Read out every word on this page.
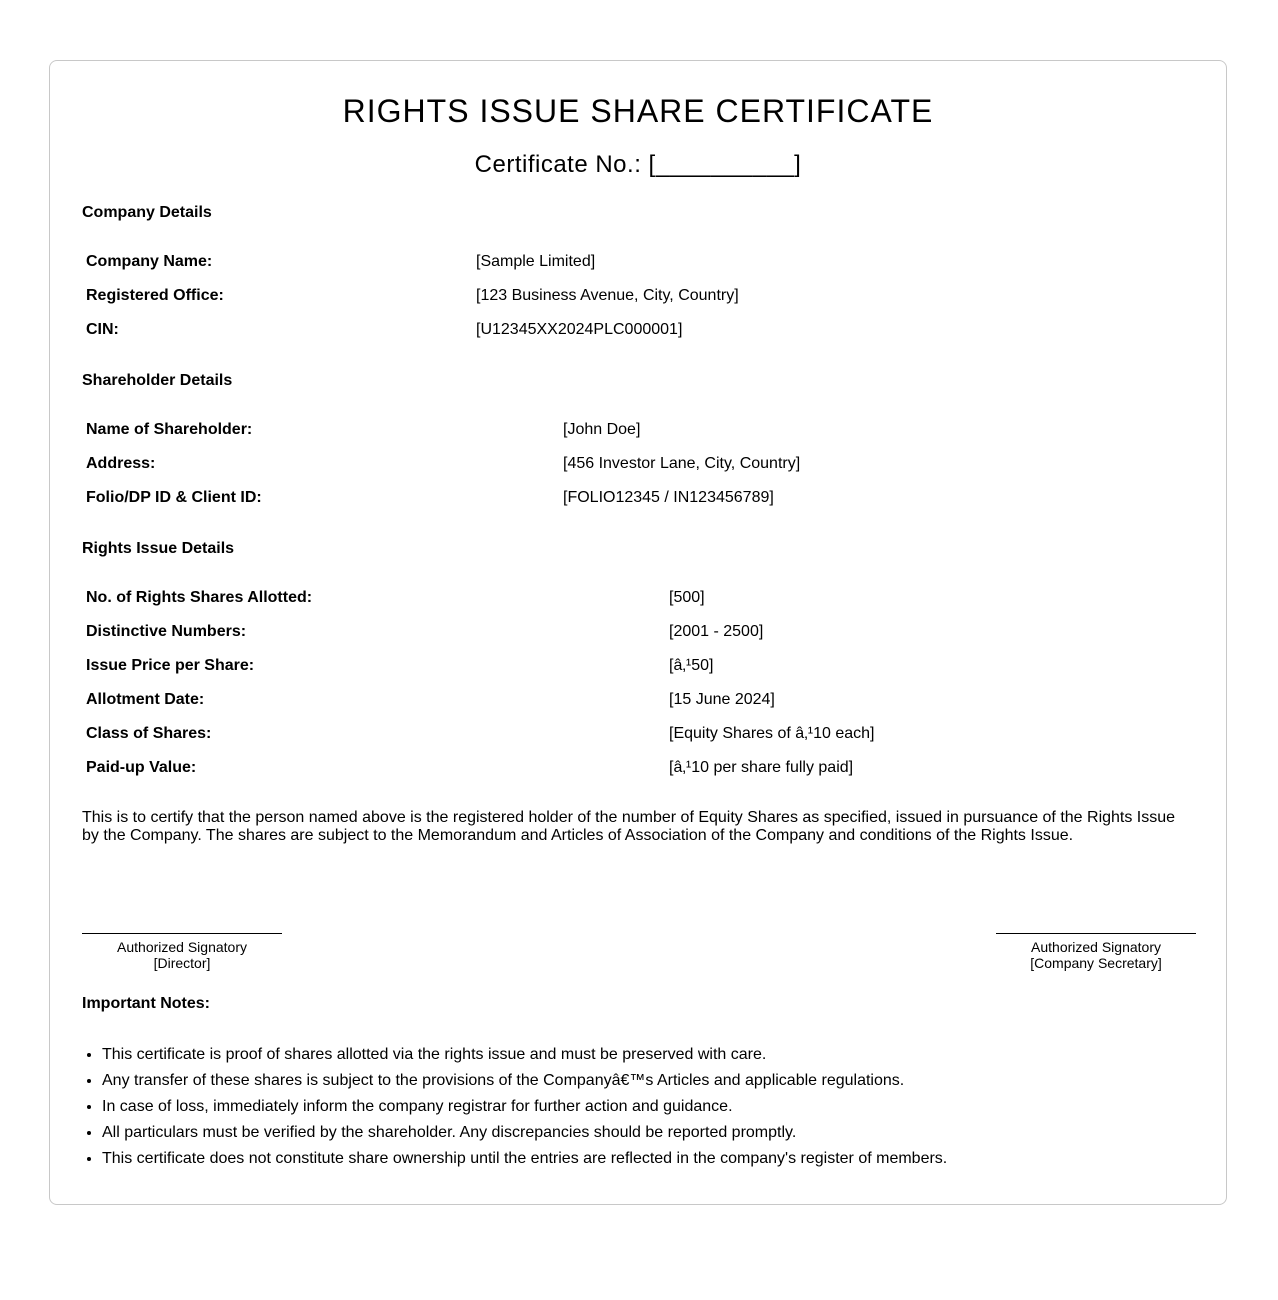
RIGHTS ISSUE SHARE CERTIFICATE
Certificate No.: [__________]
Company Details
Company Name:	[Sample Limited]
Registered Office:	[123 Business Avenue, City, Country]
CIN:	[U12345XX2024PLC000001]
Shareholder Details
Name of Shareholder:	[John Doe]
Address:	[456 Investor Lane, City, Country]
Folio/DP ID & Client ID:	[FOLIO12345 / IN123456789]
Rights Issue Details
No. of Rights Shares Allotted:	[500]
Distinctive Numbers:	[2001 - 2500]
Issue Price per Share:	[â‚¹50]
Allotment Date:	[15 June 2024]
Class of Shares:	[Equity Shares of â‚¹10 each]
Paid-up Value:	[â‚¹10 per share fully paid]

This is to certify that the person named above is the registered holder of the number of Equity Shares as specified, issued in pursuance of the Rights Issue by the Company. The shares are subject to the Memorandum and Articles of Association of the Company and conditions of the Rights Issue.

Authorized Signatory
[Director]
Authorized Signatory
[Company Secretary]
Important Notes:
• This certificate is proof of shares allotted via the rights issue and must be preserved with care.
• Any transfer of these shares is subject to the provisions of the Companyâ€™s Articles and applicable regulations.
• In case of loss, immediately inform the company registrar for further action and guidance.
• All particulars must be verified by the shareholder. Any discrepancies should be reported promptly.
• This certificate does not constitute share ownership until the entries are reflected in the company's register of members.
